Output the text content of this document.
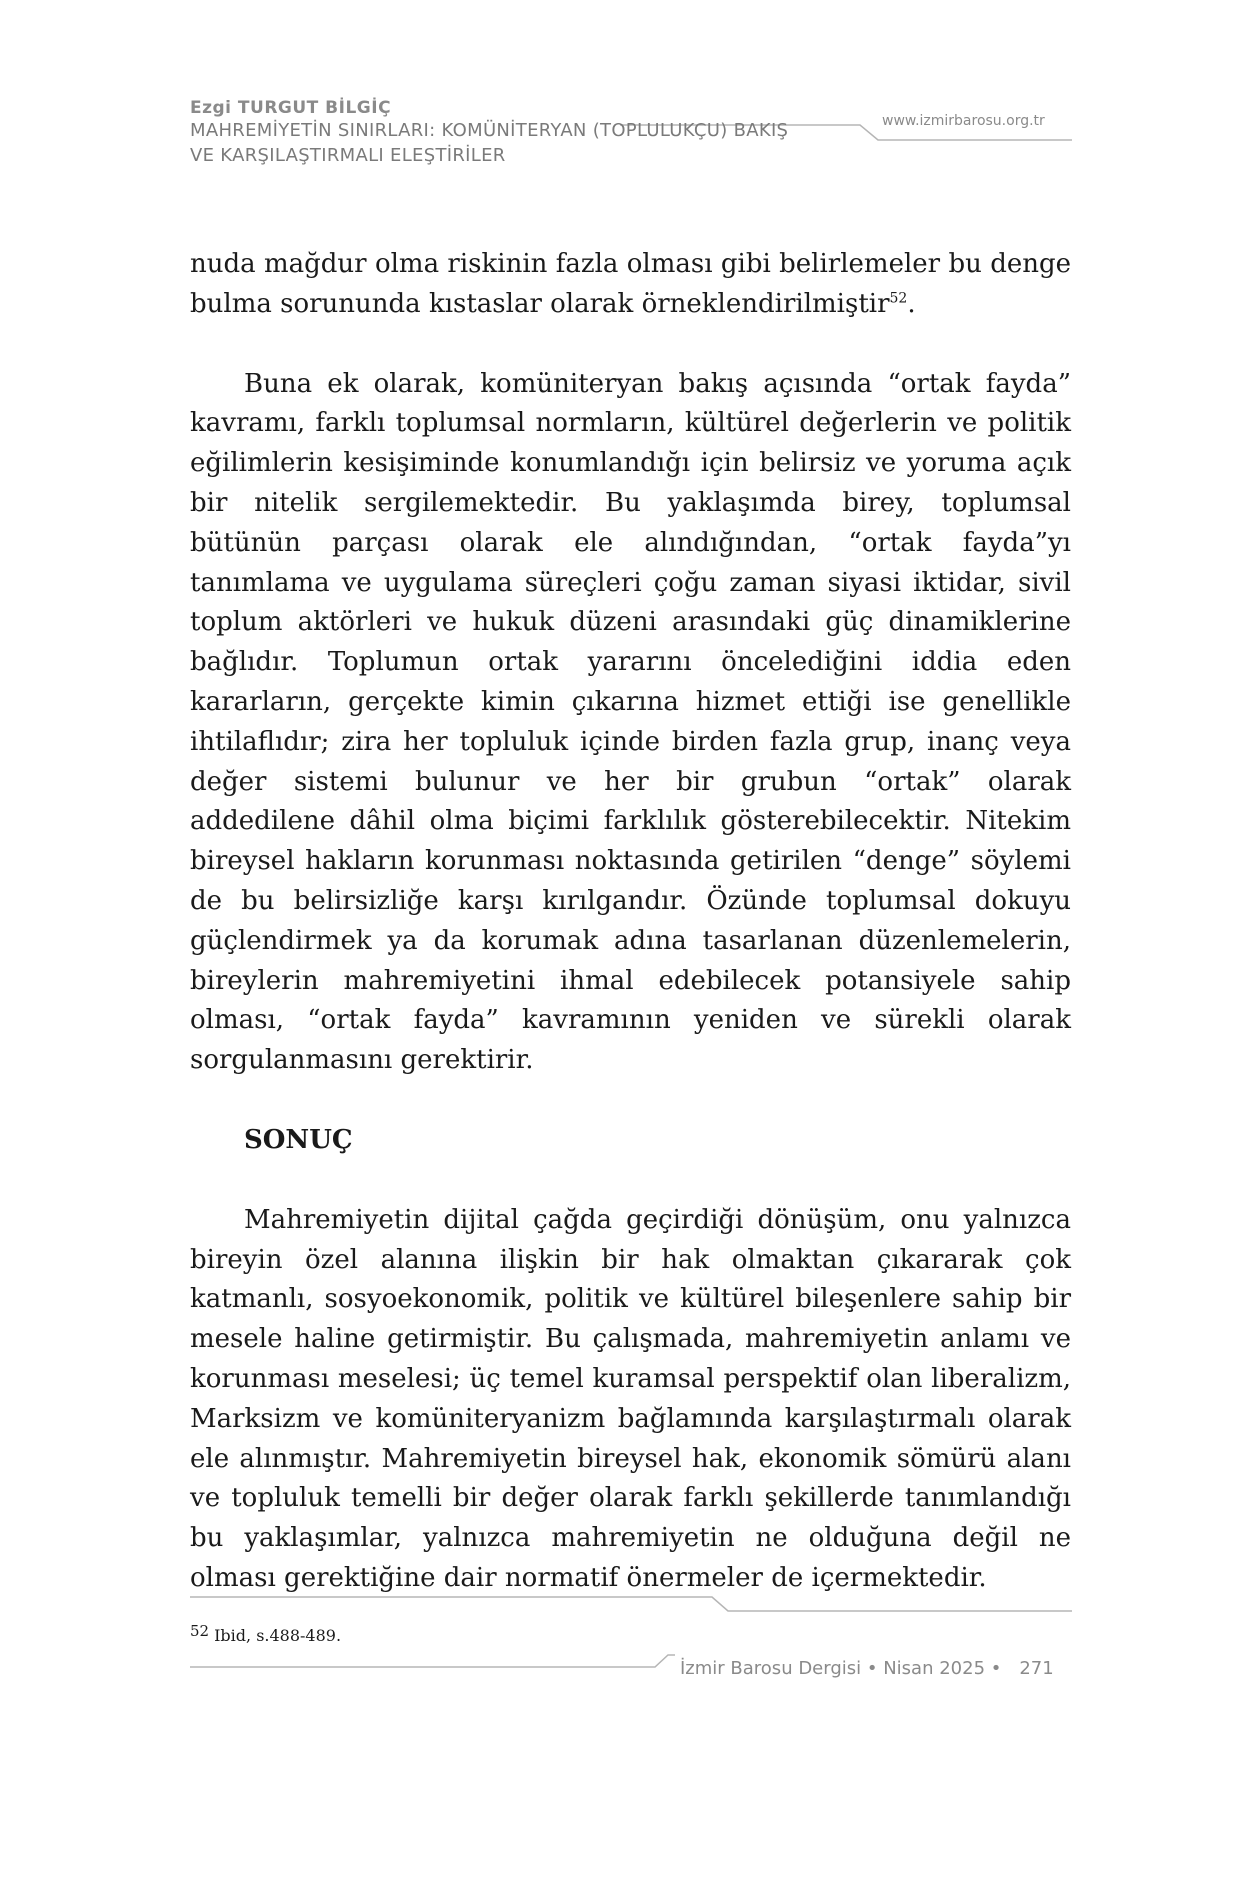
Ezgi TURGUT BİLGİÇ
MAHREMİYETİN SINIRLARI: KOMÜNİTERYAN (TOPLULUKÇU) BAKIŞ
VE KARŞILAŞTIRMALI ELEŞTİRİLER
www.izmirbarosu.org.tr

nuda mağdur olma riskinin fazla olması gibi belirlemeler bu denge bulma sorununda kıstaslar olarak örneklendirilmiştir$^{52}$.

Buna ek olarak, komüniteryan bakış açısında “ortak fayda” kavramı, farklı toplumsal normların, kültürel değerlerin ve politik eğilimlerin kesişiminde konumlandığı için belirsiz ve yoruma açık bir nitelik sergilemektedir. Bu yaklaşımda birey, toplumsal bütünün parçası olarak ele alındığından, “ortak fayda”yı tanımlama ve uygulama süreçleri çoğu zaman siyasi iktidar, sivil toplum aktörleri ve hukuk düzeni arasındaki güç dinamiklerine bağlıdır. Toplumun ortak yararını öncelediğini iddia eden kararların, gerçekte kimin çıkarına hizmet ettiği ise genellikle ihtilaflıdır; zira her topluluk içinde birden fazla grup, inanç veya değer sistemi bulunur ve her bir grubun “ortak” olarak addedilene dâhil olma biçimi farklılık gösterebilecektir. Nitekim bireysel hakların korunması noktasında getirilen “denge” söylemi de bu belirsizliğe karşı kırılgandır. Özünde toplumsal dokuyu güçlendirmek ya da korumak adına tasarlanan düzenlemelerin, bireylerin mahremiyetini ihmal edebilecek potansiyele sahip olması, “ortak fayda” kavramının yeniden ve sürekli olarak sorgulanmasını gerektirir.

SONUÇ

Mahremiyetin dijital çağda geçirdiği dönüşüm, onu yalnızca bireyin özel alanına ilişkin bir hak olmaktan çıkararak çok katmanlı, sosyoekonomik, politik ve kültürel bileşenlere sahip bir mesele haline getirmiştir. Bu çalışmada, mahremiyetin anlamı ve korunması meselesi; üç temel kuramsal perspektif olan liberalizm, Marksizm ve komüniteryanizm bağlamında karşılaştırmalı olarak ele alınmıştır. Mahremiyetin bireysel hak, ekonomik sömürü alanı ve topluluk temelli bir değer olarak farklı şekillerde tanımlandığı bu yaklaşımlar, yalnızca mahremiyetin ne olduğuna değil ne olması gerektiğine dair normatif önermeler de içermektedir.

52 Ibid, s.488-489.
İzmir Barosu Dergisi • Nisan 2025 • 271
